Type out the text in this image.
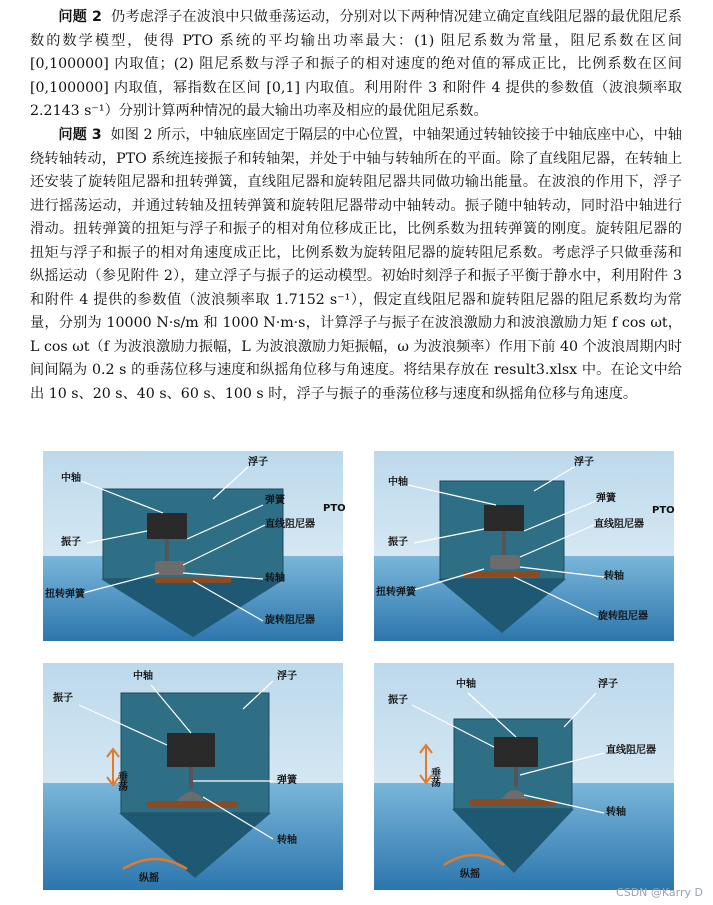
问题 2 仍考虑浮子在波浪中只做垂荡运动，分别对以下两种情况建立确定直线阻尼器的最优阻尼系数的数学模型，使得 PTO 系统的平均输出功率最大：(1) 阻尼系数为常量，阻尼系数在区间 [0,100000] 内取值；(2) 阻尼系数与浮子和振子的相对速度的绝对值的幂成正比，比例系数在区间 [0,100000] 内取值，幂指数在区间 [0,1] 内取值。利用附件 3 和附件 4 提供的参数值（波浪频率取 2.2143 s⁻¹）分别计算两种情况的最大输出功率及相应的最优阻尼系数。

问题 3 如图 2 所示，中轴底座固定于隔层的中心位置，中轴架通过转轴铰接于中轴底座中心，中轴绕转轴转动，PTO 系统连接振子和转轴架，并处于中轴与转轴所在的平面。除了直线阻尼器，在转轴上还安装了旋转阻尼器和扭转弹簧，直线阻尼器和旋转阻尼器共同做功输出能量。在波浪的作用下，浮子进行摇荡运动，并通过转轴及扭转弹簧和旋转阻尼器带动中轴转动。振子随中轴转动，同时沿中轴进行滑动。扭转弹簧的扭矩与浮子和振子的相对角位移成正比，比例系数为扭转弹簧的刚度。旋转阻尼器的扭矩与浮子和振子的相对角速度成正比，比例系数为旋转阻尼器的旋转阻尼系数。考虑浮子只做垂荡和纵摇运动（参见附件 2），建立浮子与振子的运动模型。初始时刻浮子和振子平衡于静水中，利用附件 3 和附件 4 提供的参数值（波浪频率取 1.7152 s⁻¹），假定直线阻尼器和旋转阻尼器的阻尼系数均为常量，分别为 10000 N·s/m 和 1000 N·m·s，计算浮子与振子在波浪激励力和波浪激励力矩 f cos ωt，L cos ωt（f 为波浪激励力振幅，L 为波浪激励力矩振幅，ω 为波浪频率）作用下前 40 个波浪周期内时间间隔为 0.2 s 的垂荡位移与速度和纵摇角位移与角速度。将结果存放在 result3.xlsx 中。在论文中给出 10 s、20 s、40 s、60 s、100 s 时，浮子与振子的垂荡位移与速度和纵摇角位移与角速度。

中轴
浮子
弹簧
PTO
振子
直线阻尼器
转轴
扭转弹簧
旋转阻尼器
中轴
浮子
弹簧
PTO
振子
直线阻尼器
转轴
扭转弹簧
旋转阻尼器
中轴	浮子
振子
垂荡	弹簧
转轴
纵摇
中轴	浮子
振子
垂荡
直线阻尼器
转轴
纵摇
CSDN @Karry D
